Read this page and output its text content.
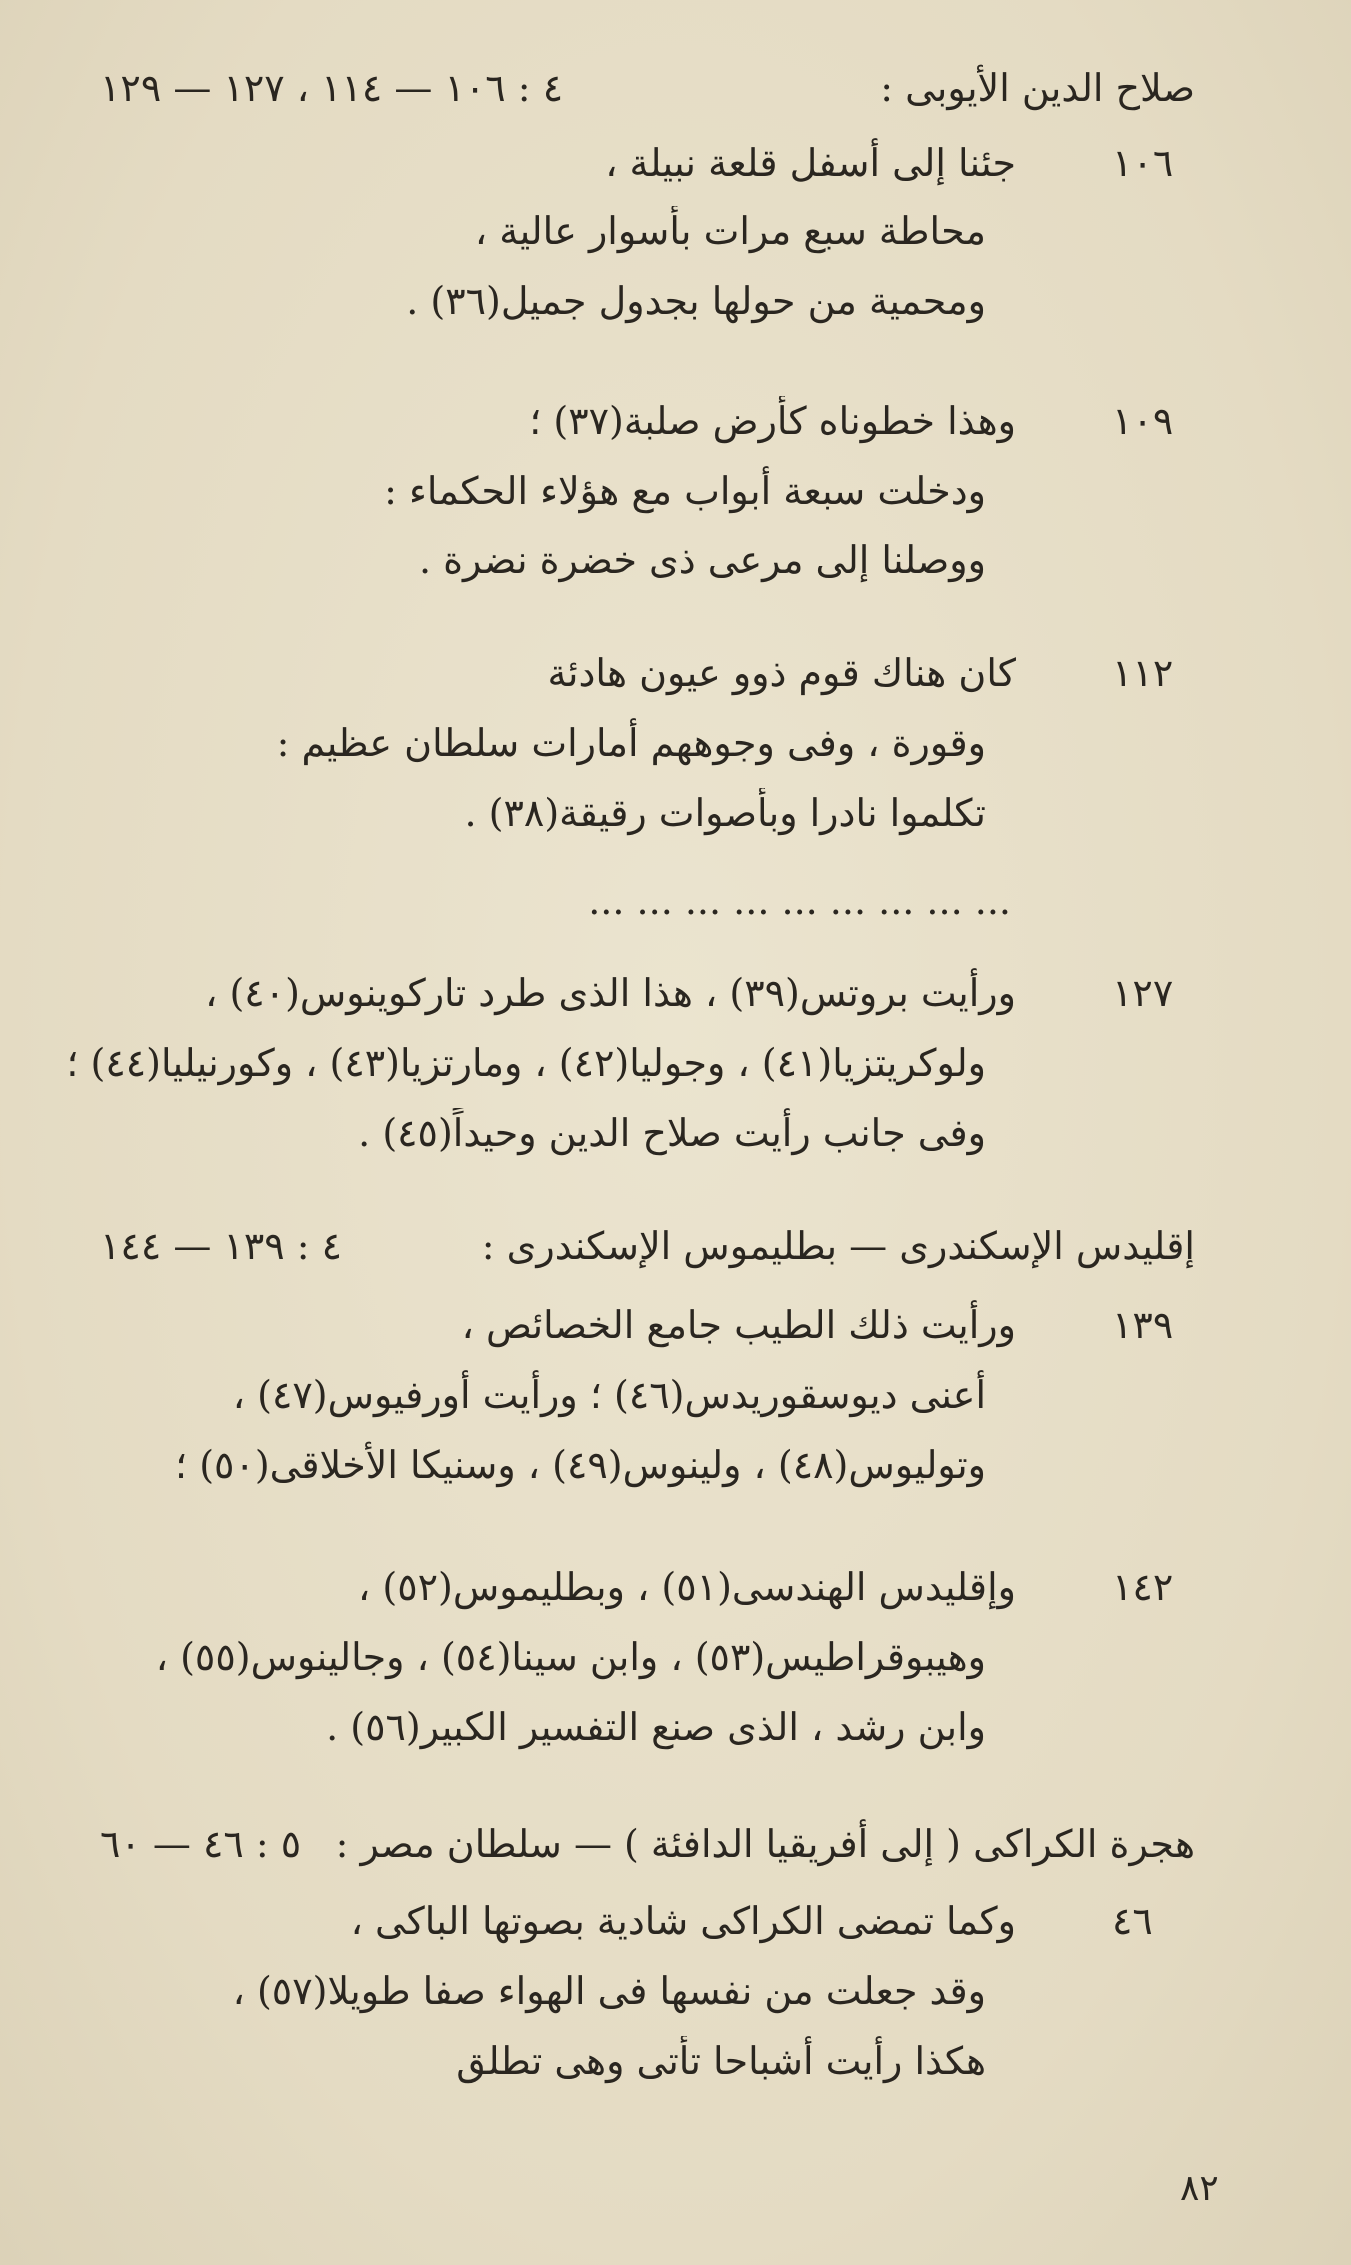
صلاح الدين الأيوبى :
٤ : ١٠٦ — ١١٤ ، ١٢٧ — ١٢٩
١٠٦
جئنا إلى أسفل قلعة نبيلة ،
محاطة سبع مرات بأسوار عالية ،
ومحمية من حولها بجدول جميل(٣٦) .
١٠٩
وهذا خطوناه كأرض صلبة(٣٧) ؛
ودخلت سبعة أبواب مع هؤلاء الحكماء :
ووصلنا إلى مرعى ذى خضرة نضرة .
١١٢
كان هناك قوم ذوو عيون هادئة
وقورة ، وفى وجوههم أمارات سلطان عظيم :
تكلموا نادرا وبأصوات رقيقة(٣٨) .
... ... ... ... ... ... ... ... ...
١٢٧
ورأيت بروتس(٣٩) ، هذا الذى طرد تاركوينوس(٤٠) ،
ولوكريتزيا(٤١) ، وجوليا(٤٢) ، ومارتزيا(٤٣) ، وكورنيليا(٤٤) ؛
وفى جانب رأيت صلاح الدين وحيداً(٤٥) .
إقليدس الإسكندرى — بطليموس الإسكندرى :
٤ : ١٣٩ — ١٤٤
١٣٩
ورأيت ذلك الطيب جامع الخصائص ،
أعنى ديوسقوريدس(٤٦) ؛ ورأيت أورفيوس(٤٧) ،
وتوليوس(٤٨) ، ولينوس(٤٩) ، وسنيكا الأخلاقى(٥٠) ؛
١٤٢
وإقليدس الهندسى(٥١) ، وبطليموس(٥٢) ،
وهيبوقراطيس(٥٣) ، وابن سينا(٥٤) ، وجالينوس(٥٥) ،
وابن رشد ، الذى صنع التفسير الكبير(٥٦) .
هجرة الكراكى ( إلى أفريقيا الدافئة ) — سلطان مصر :
٥ : ٤٦ — ٦٠
٤٦
وكما تمضى الكراكى شادية بصوتها الباكى ،
وقد جعلت من نفسها فى الهواء صفا طويلا(٥٧) ،
هكذا رأيت أشباحا تأتى وهى تطلق
٨٢
